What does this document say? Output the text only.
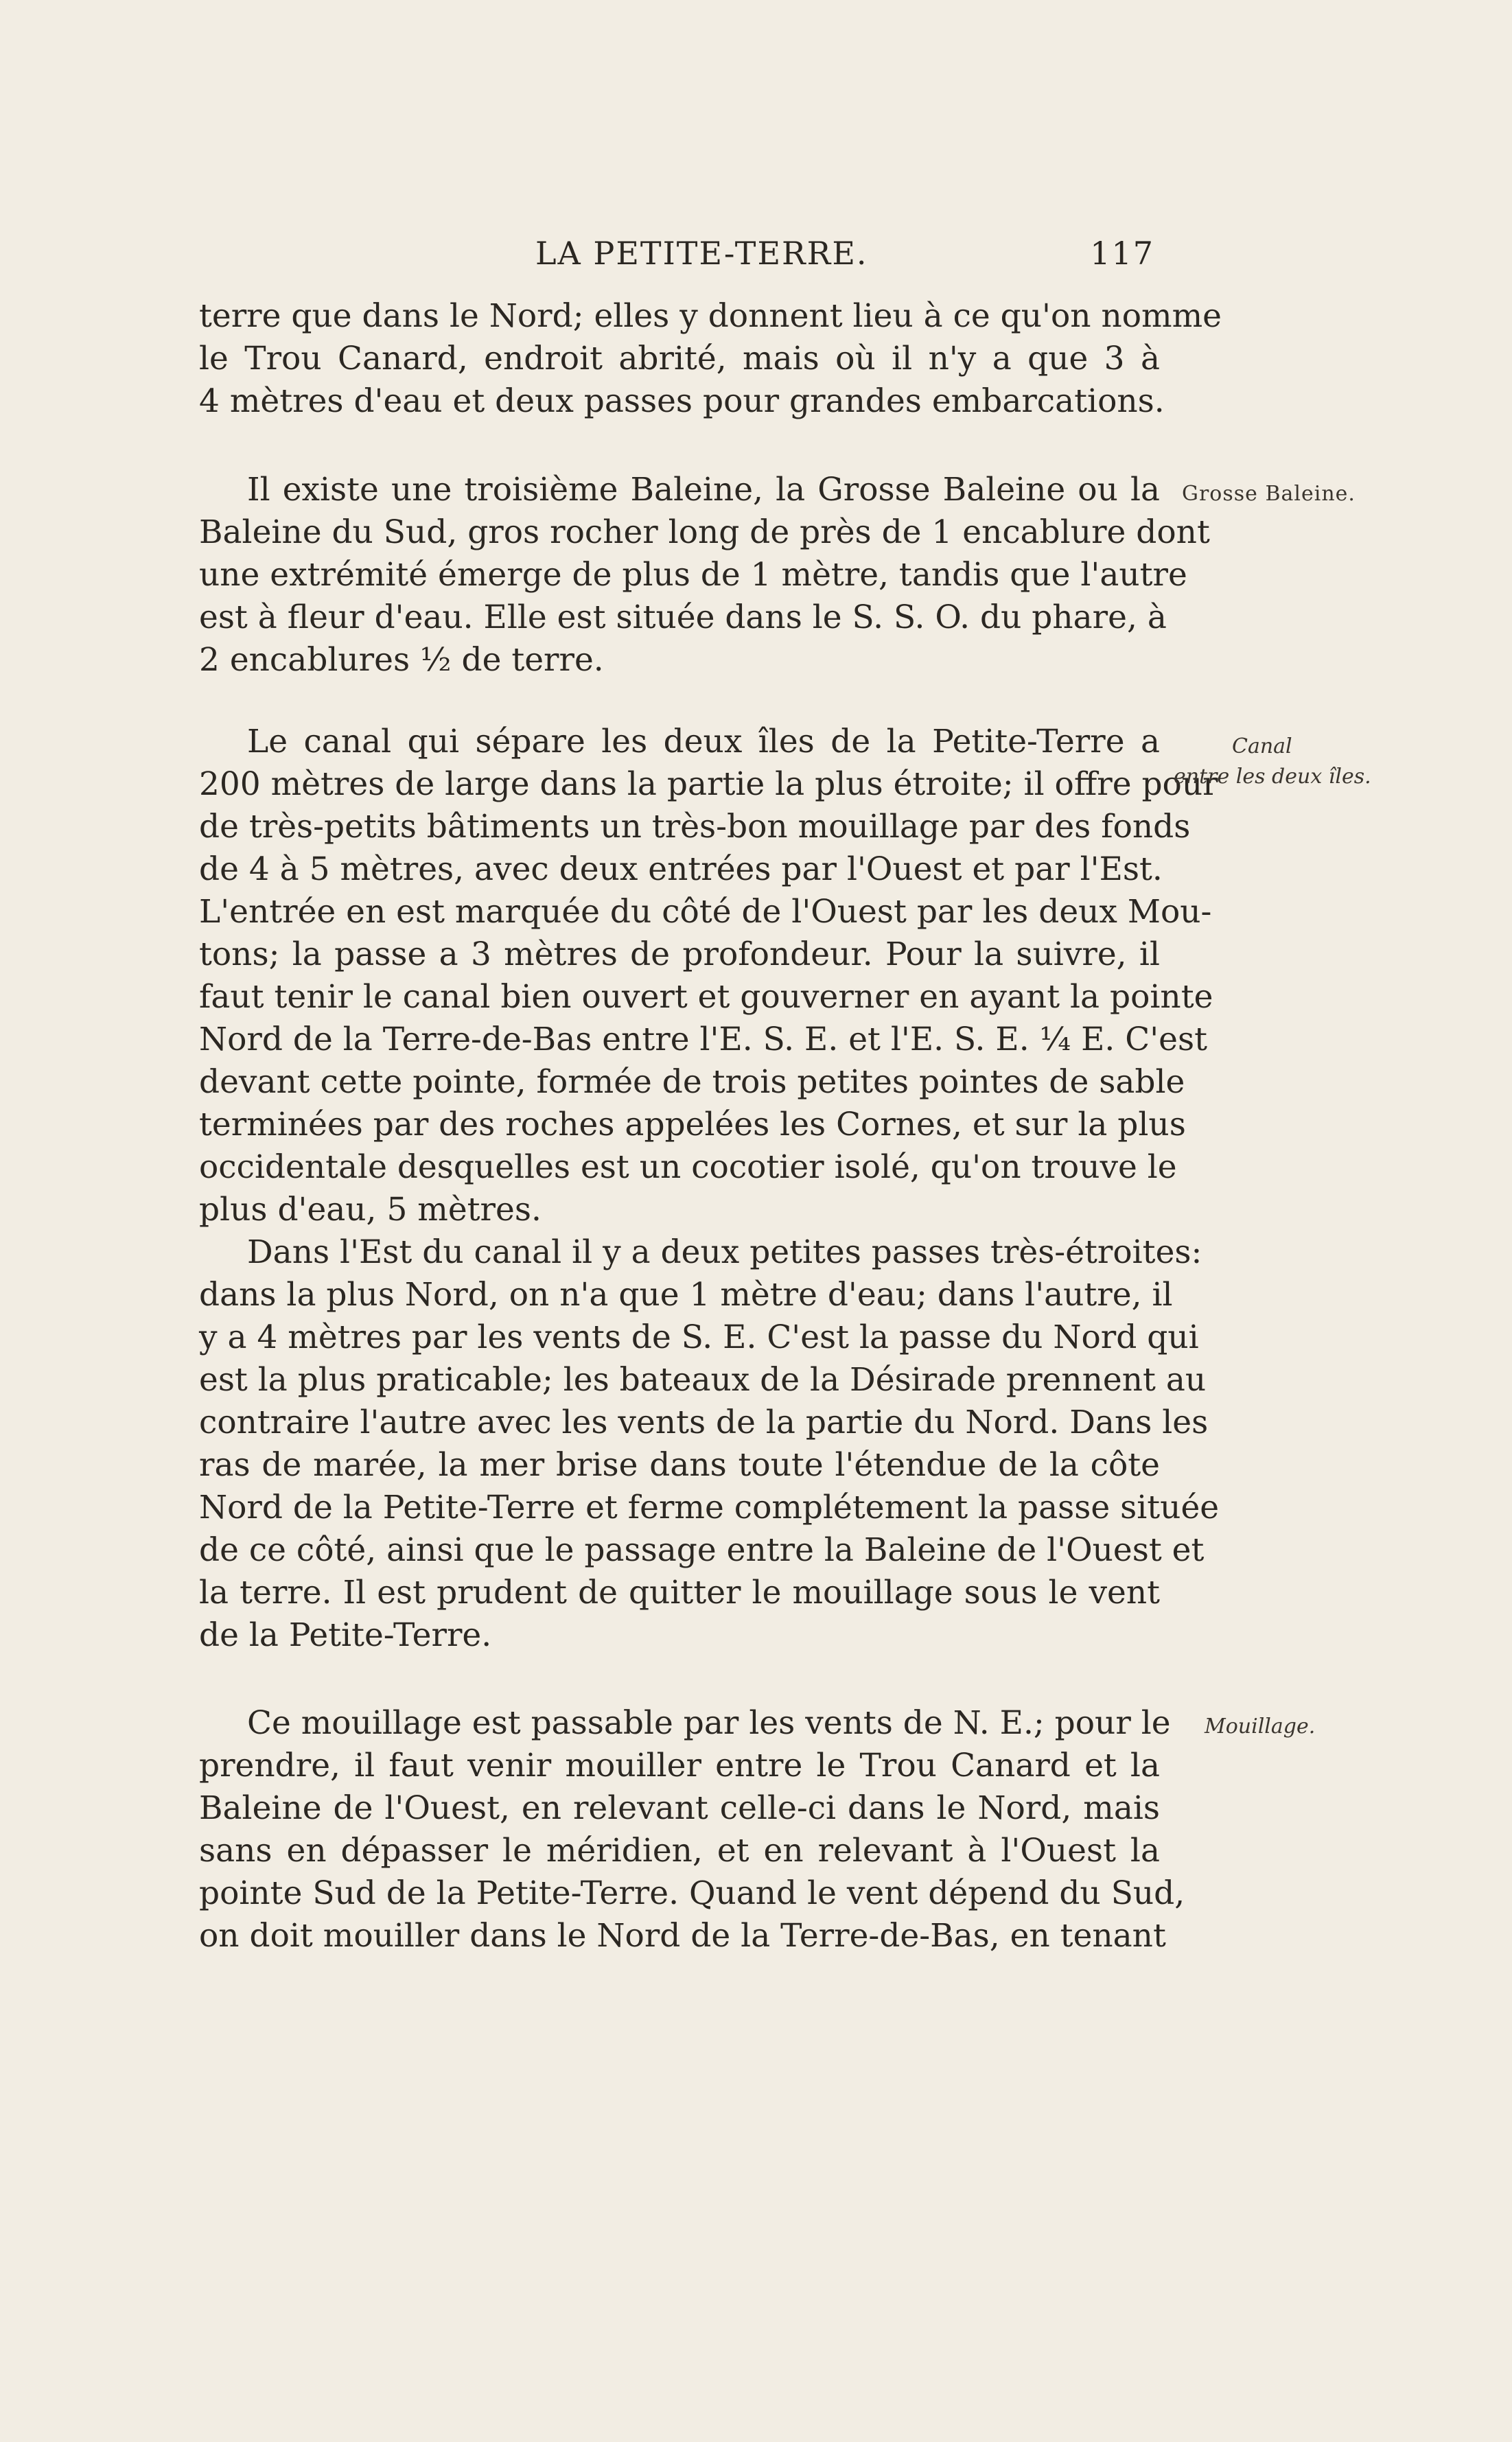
LA PETITE-TERRE.	117
terre que dans le Nord; elles y donnent lieu à ce qu'on nomme
le Trou Canard, endroit abrité, mais où il n'y a que 3 à
4 mètres d'eau et deux passes pour grandes embarcations.
Il existe une troisième Baleine, la Grosse Baleine ou la
Baleine du Sud, gros rocher long de près de 1 encablure dont
une extrémité émerge de plus de 1 mètre, tandis que l'autre
est à fleur d'eau. Elle est située dans le S. S. O. du phare, à
2 encablures ½ de terre.
Le canal qui sépare les deux îles de la Petite-Terre a
200 mètres de large dans la partie la plus étroite; il offre pour
de très-petits bâtiments un très-bon mouillage par des fonds
de 4 à 5 mètres, avec deux entrées par l'Ouest et par l'Est.
L'entrée en est marquée du côté de l'Ouest par les deux Mou-
tons; la passe a 3 mètres de profondeur. Pour la suivre, il
faut tenir le canal bien ouvert et gouverner en ayant la pointe
Nord de la Terre-de-Bas entre l'E. S. E. et l'E. S. E. ¼ E. C'est
devant cette pointe, formée de trois petites pointes de sable
terminées par des roches appelées les Cornes, et sur la plus
occidentale desquelles est un cocotier isolé, qu'on trouve le
plus d'eau, 5 mètres.
Dans l'Est du canal il y a deux petites passes très-étroites:
dans la plus Nord, on n'a que 1 mètre d'eau; dans l'autre, il
y a 4 mètres par les vents de S. E. C'est la passe du Nord qui
est la plus praticable; les bateaux de la Désirade prennent au
contraire l'autre avec les vents de la partie du Nord. Dans les
ras de marée, la mer brise dans toute l'étendue de la côte
Nord de la Petite-Terre et ferme complétement la passe située
de ce côté, ainsi que le passage entre la Baleine de l'Ouest et
la terre. Il est prudent de quitter le mouillage sous le vent
de la Petite-Terre.
Ce mouillage est passable par les vents de N. E.; pour le
prendre, il faut venir mouiller entre le Trou Canard et la
Baleine de l'Ouest, en relevant celle-ci dans le Nord, mais
sans en dépasser le méridien, et en relevant à l'Ouest la
pointe Sud de la Petite-Terre. Quand le vent dépend du Sud,
on doit mouiller dans le Nord de la Terre-de-Bas, en tenant
Grosse Baleine.
Canal
entre les deux îles.
Mouillage.
